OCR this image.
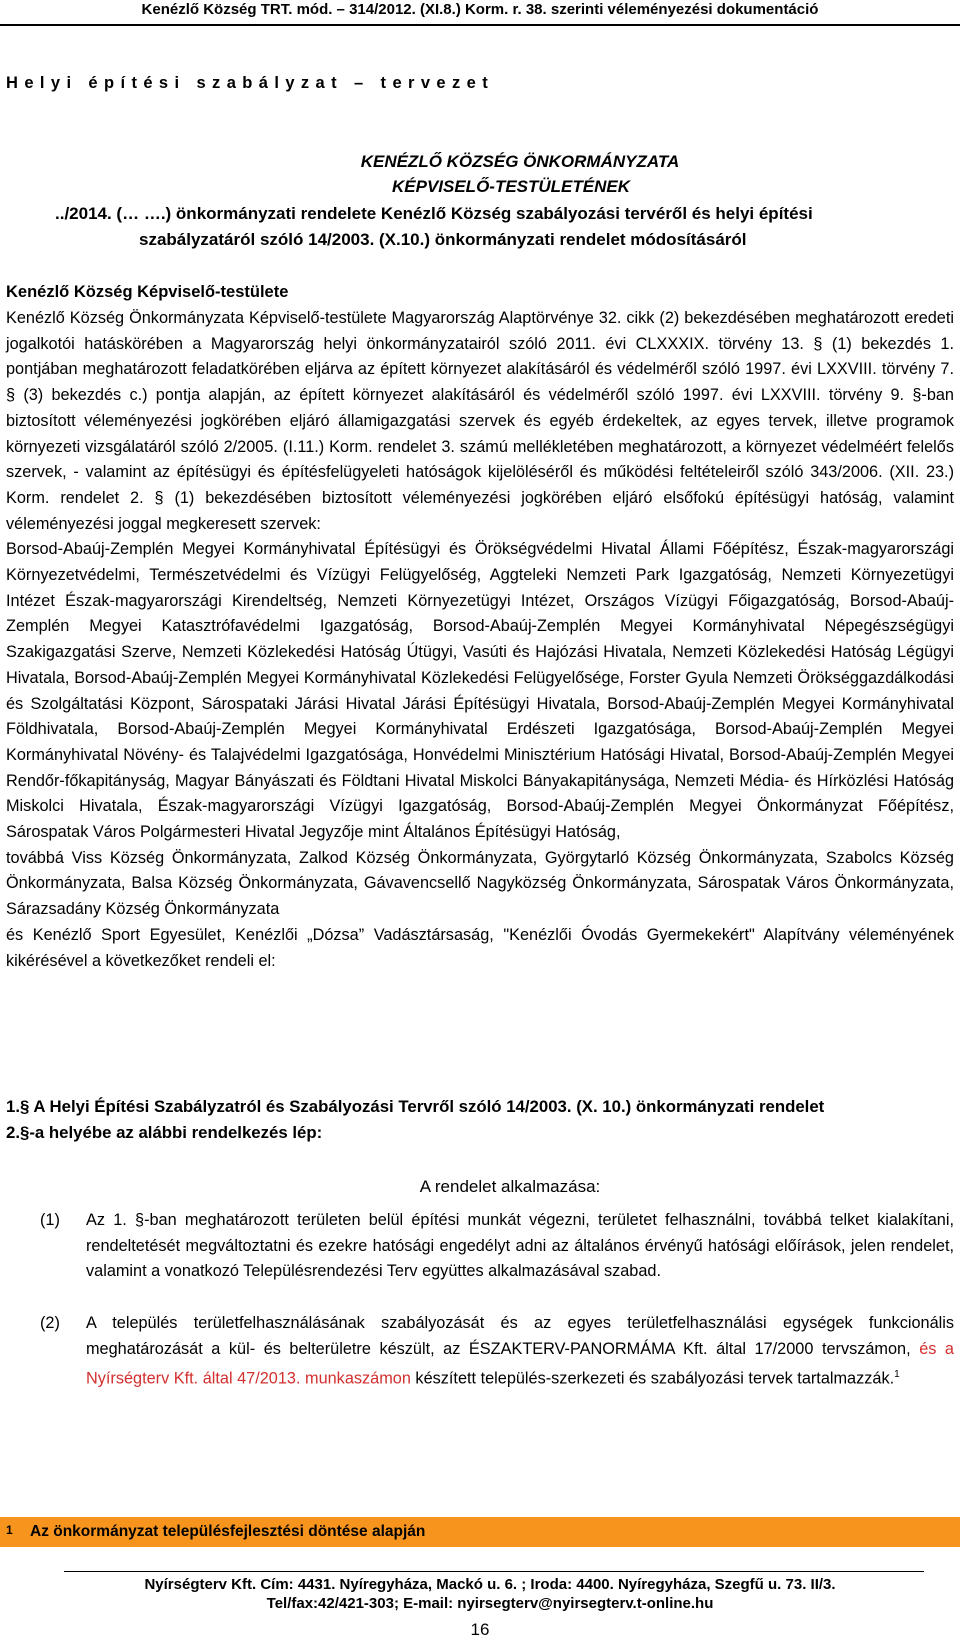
Kenézlő Község TRT. mód. – 314/2012. (XI.8.) Korm. r. 38. szerinti véleményezési dokumentáció
Helyi építési szabályzat – tervezet
KENÉZLŐ KÖZSÉG ÖNKORMÁNYZATA
KÉPVISELŐ-TESTÜLETÉNEK
../2014. (… ….) önkormányzati rendelete Kenézlő Község szabályozási tervéről és helyi építési
szabályzatáról szóló 14/2003. (X.10.) önkormányzati rendelet módosításáról
Kenézlő Község Képviselő-testülete

Kenézlő Község Önkormányzata Képviselő-testülete Magyarország Alaptörvénye 32. cikk (2) bekezdésében meghatározott eredeti jogalkotói hatáskörében a Magyarország helyi önkormányzatairól szóló 2011. évi CLXXXIX. törvény 13. § (1) bekezdés 1. pontjában meghatározott feladatkörében eljárva az épített környezet alakításáról és védelméről szóló 1997. évi LXXVIII. törvény 7. § (3) bekezdés c.) pontja alapján, az épített környezet alakításáról és védelméről szóló 1997. évi LXXVIII. törvény 9. §-ban biztosított véleményezési jogkörében eljáró államigazgatási szervek és egyéb érdekeltek, az egyes tervek, illetve programok környezeti vizsgálatáról szóló 2/2005. (I.11.) Korm. rendelet 3. számú mellékletében meghatározott, a környezet védelméért felelős szervek, - valamint az építésügyi és építésfelügyeleti hatóságok kijelöléséről és működési feltételeiről szóló 343/2006. (XII. 23.) Korm. rendelet 2. § (1) bekezdésében biztosított véleményezési jogkörében eljáró elsőfokú építésügyi hatóság, valamint véleményezési joggal megkeresett szervek:

Borsod-Abaúj-Zemplén Megyei Kormányhivatal Építésügyi és Örökségvédelmi Hivatal Állami Főépítész, Észak-magyarországi Környezetvédelmi, Természetvédelmi és Vízügyi Felügyelőség, Aggteleki Nemzeti Park Igazgatóság, Nemzeti Környezetügyi Intézet Észak-magyarországi Kirendeltség, Nemzeti Környezetügyi Intézet, Országos Vízügyi Főigazgatóság, Borsod-Abaúj-Zemplén Megyei Katasztrófavédelmi Igazgatóság, Borsod-Abaúj-Zemplén Megyei Kormányhivatal Népegészségügyi Szakigazgatási Szerve, Nemzeti Közlekedési Hatóság Útügyi, Vasúti és Hajózási Hivatala, Nemzeti Közlekedési Hatóság Légügyi Hivatala, Borsod-Abaúj-Zemplén Megyei Kormányhivatal Közlekedési Felügyelősége, Forster Gyula Nemzeti Örökséggazdálkodási és Szolgáltatási Központ, Sárospataki Járási Hivatal Járási Építésügyi Hivatala, Borsod-Abaúj-Zemplén Megyei Kormányhivatal Földhivatala, Borsod-Abaúj-Zemplén Megyei Kormányhivatal Erdészeti Igazgatósága, Borsod-Abaúj-Zemplén Megyei Kormányhivatal Növény- és Talajvédelmi Igazgatósága, Honvédelmi Minisztérium Hatósági Hivatal, Borsod-Abaúj-Zemplén Megyei Rendőr-főkapitányság, Magyar Bányászati és Földtani Hivatal Miskolci Bányakapitánysága, Nemzeti Média- és Hírközlési Hatóság Miskolci Hivatala, Észak-magyarországi Vízügyi Igazgatóság, Borsod-Abaúj-Zemplén Megyei Önkormányzat Főépítész, Sárospatak Város Polgármesteri Hivatal Jegyzője mint Általános Építésügyi Hatóság,

továbbá Viss Község Önkormányzata, Zalkod Község Önkormányzata, Györgytarló Község Önkormányzata, Szabolcs Község Önkormányzata, Balsa Község Önkormányzata, Gávavencsellő Nagyközség Önkormányzata, Sárospatak Város Önkormányzata, Sárazsadány Község Önkormányzata

és Kenézlő Sport Egyesület, Kenézlői „Dózsa” Vadásztársaság, "Kenézlői Óvodás Gyermekekért" Alapítvány véleményének kikérésével a következőket rendeli el:

1.§ A Helyi Építési Szabályzatról és Szabályozási Tervről szóló 14/2003. (X. 10.) önkormányzati rendelet
2.§-a helyébe az alábbi rendelkezés lép:
A rendelet alkalmazása:
(1) Az 1. §-ban meghatározott területen belül építési munkát végezni, területet felhasználni, továbbá telket kialakítani, rendeltetését megváltoztatni és ezekre hatósági engedélyt adni az általános érvényű hatósági előírások, jelen rendelet, valamint a vonatkozó Településrendezési Terv együttes alkalmazásával szabad.
(2) A település területfelhasználásának szabályozását és az egyes területfelhasználási egységek funkcionális meghatározását a kül- és belterületre készült, az ÉSZAKTERV-PANORMÁMA Kft. által 17/2000 tervszámon, és a Nyírségterv Kft. által 47/2013. munkaszámon készített település-szerkezeti és szabályozási tervek tartalmazzák.$^1$
1 Az önkormányzat településfejlesztési döntése alapján
Nyírségterv Kft. Cím: 4431. Nyíregyháza, Mackó u. 6. ; Iroda: 4400. Nyíregyháza, Szegfű u. 73. II/3.
Tel/fax:42/421-303; E-mail: nyirsegterv@nyirsegterv.t-online.hu
16
